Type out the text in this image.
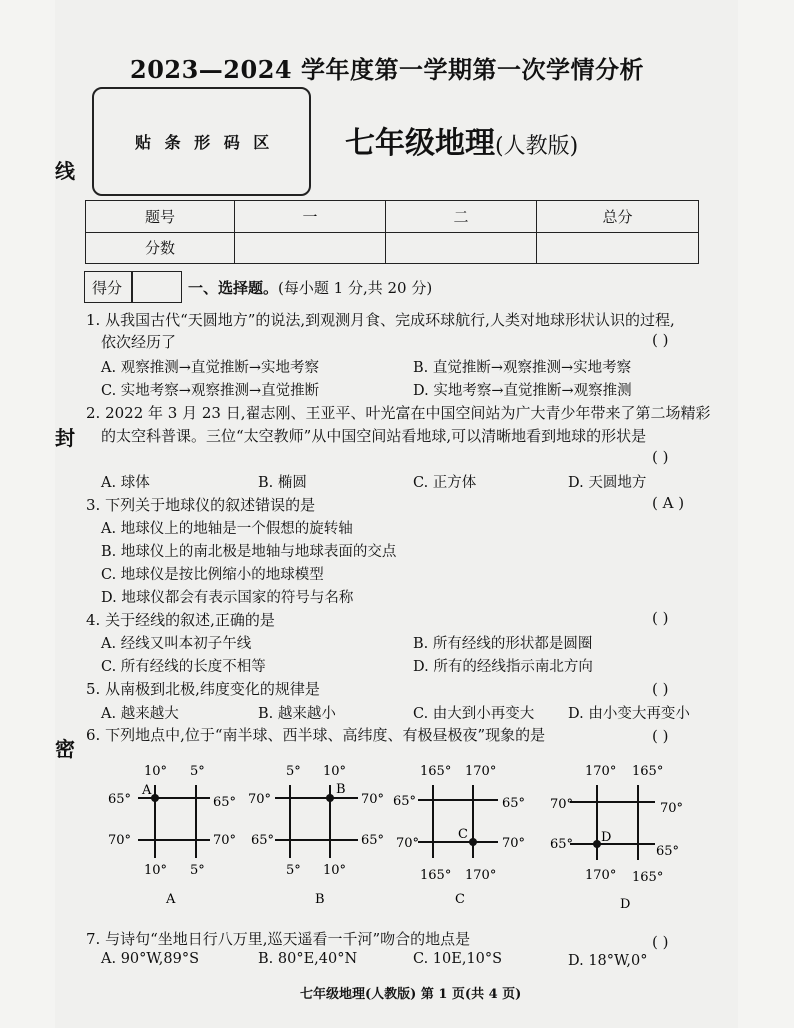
2023—2024 学年度第一学期第一次学情分析
贴 条 形 码 区 七年级地理(人教版)
线
封
密
题号	一	二	总分
分数			
得分	一、选择题。(每小题 1 分,共 20 分)
1. 从我国古代“天圆地方”的说法,到观测月食、完成环球航行,人类对地球形状认识的过程,
依次经历了	( )
A. 观察推测→直觉推断→实地考察	B. 直觉推断→观察推测→实地考察
C. 实地考察→观察推测→直觉推断	D. 实地考察→直觉推断→观察推测
2. 2022 年 3 月 23 日,翟志刚、王亚平、叶光富在中国空间站为广大青少年带来了第二场精彩
的太空科普课。三位“太空教师”从中国空间站看地球,可以清晰地看到地球的形状是
( )
A. 球体	B. 椭圆	C. 正方体	D. 天圆地方
3. 下列关于地球仪的叙述错误的是	( A )
A. 地球仪上的地轴是一个假想的旋转轴
B. 地球仪上的南北极是地轴与地球表面的交点
C. 地球仪是按比例缩小的地球模型
D. 地球仪都会有表示国家的符号与名称
4. 关于经线的叙述,正确的是	( )
A. 经线又叫本初子午线	B. 所有经线的形状都是圆圈
C. 所有经线的长度不相等	D. 所有的经线指示南北方向
5. 从南极到北极,纬度变化的规律是	( )
A. 越来越大	B. 越来越小	C. 由大到小再变大 D. 由小变大再变小
6. 下列地点中,位于“南半球、西半球、高纬度、有极昼极夜”现象的是	( )
10° 5°
10° 5°
65°
70°
65°
70°
A
A
5° 10°
5° 10°
70°
65°
70°
65°
B
B
165° 170°
165° 170°
65°
70°
65°
70°
C
C
170° 165°
170° 165°
70°
65°
70°
65°
D
D
7. 与诗句“坐地日行八万里,巡天遥看一千河”吻合的地点是	( )
A. 90°W,89°S	B. 80°E,40°N	C. 10E,10°S	D. 18°W,0°
七年级地理(人教版) 第 1 页(共 4 页)
